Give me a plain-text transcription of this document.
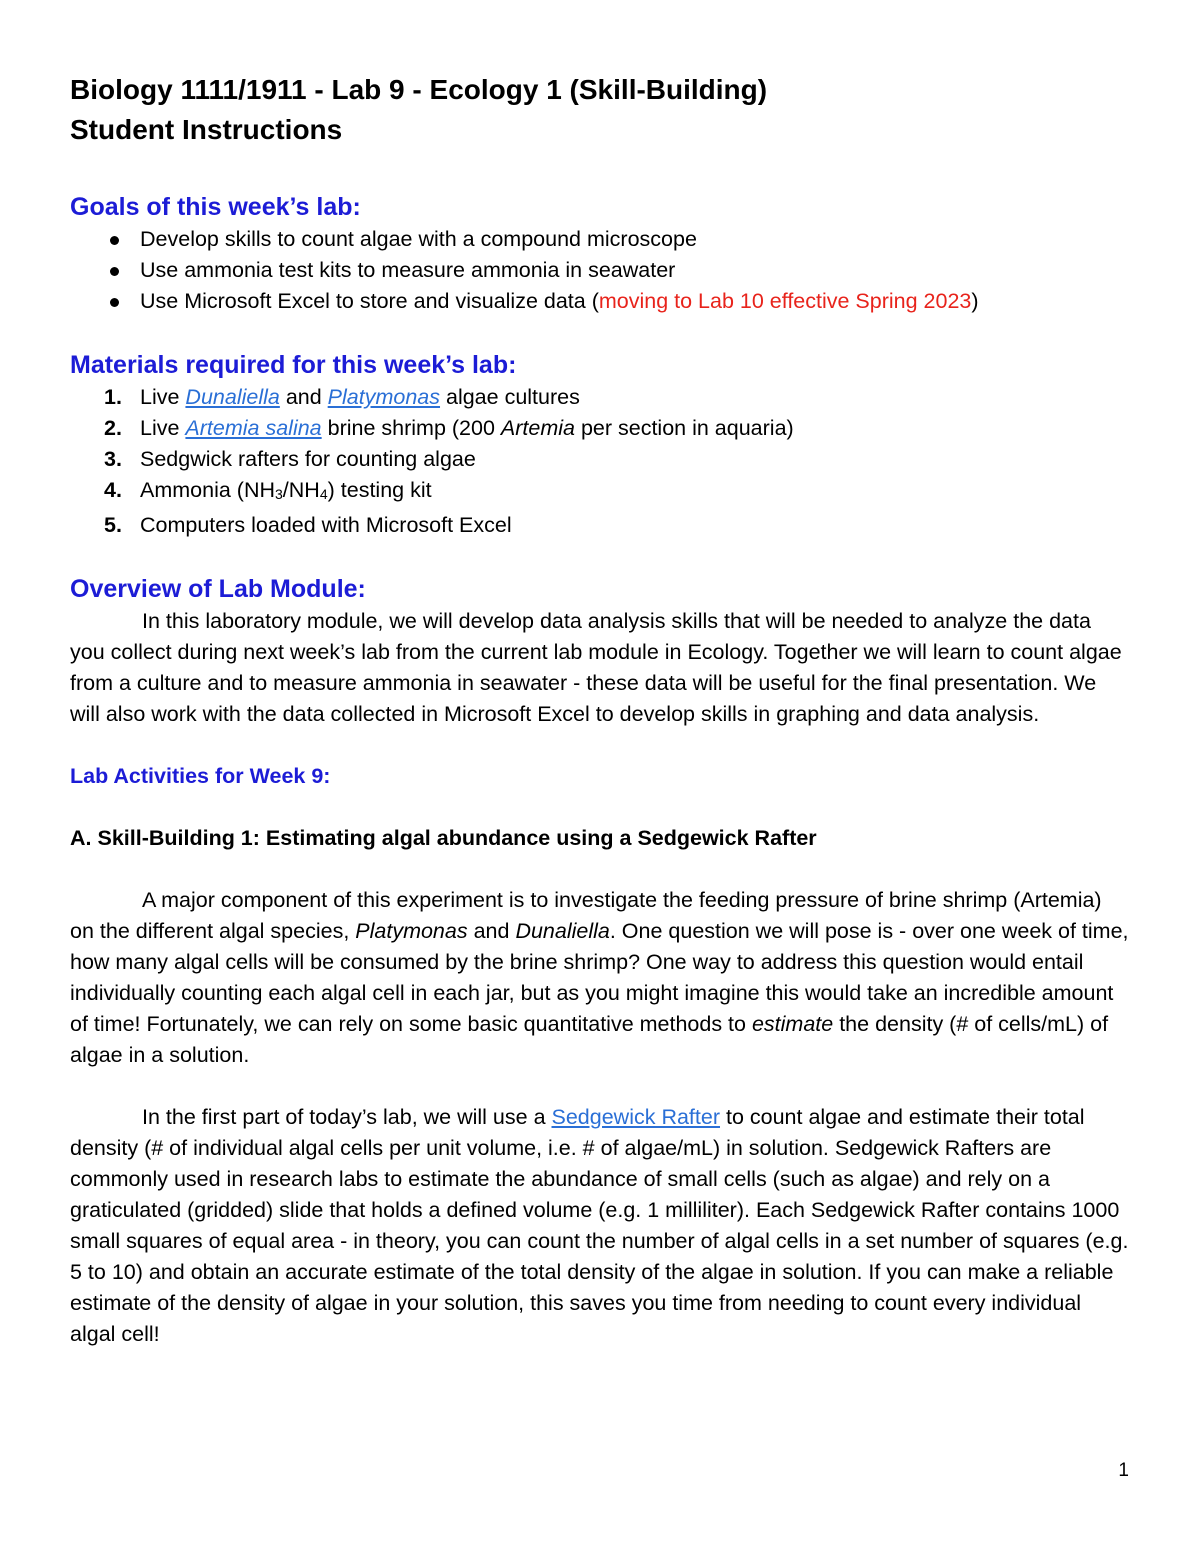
Biology 1111/1911 - Lab 9 - Ecology 1 (Skill-Building)
Student Instructions
Goals of this week’s lab:
Develop skills to count algae with a compound microscope
Use ammonia test kits to measure ammonia in seawater
Use Microsoft Excel to store and visualize data (moving to Lab 10 effective Spring 2023)
Materials required for this week’s lab:
1. Live Dunaliella and Platymonas algae cultures
2. Live Artemia salina brine shrimp (200 Artemia per section in aquaria)
3. Sedgwick rafters for counting algae
4. Ammonia (NH3/NH4) testing kit
5. Computers loaded with Microsoft Excel
Overview of Lab Module:

In this laboratory module, we will develop data analysis skills that will be needed to analyze the data you collect during next week’s lab from the current lab module in Ecology. Together we will learn to count algae from a culture and to measure ammonia in seawater - these data will be useful for the final presentation. We will also work with the data collected in Microsoft Excel to develop skills in graphing and data analysis.

Lab Activities for Week 9:
A. Skill-Building 1: Estimating algal abundance using a Sedgewick Rafter

A major component of this experiment is to investigate the feeding pressure of brine shrimp (Artemia) on the different algal species, Platymonas and Dunaliella. One question we will pose is - over one week of time, how many algal cells will be consumed by the brine shrimp? One way to address this question would entail individually counting each algal cell in each jar, but as you might imagine this would take an incredible amount of time! Fortunately, we can rely on some basic quantitative methods to estimate the density (# of cells/mL) of algae in a solution.

In the first part of today’s lab, we will use a Sedgewick Rafter to count algae and estimate their total density (# of individual algal cells per unit volume, i.e. # of algae/mL) in solution. Sedgewick Rafters are commonly used in research labs to estimate the abundance of small cells (such as algae) and rely on a graticulated (gridded) slide that holds a defined volume (e.g. 1 milliliter). Each Sedgewick Rafter contains 1000 small squares of equal area - in theory, you can count the number of algal cells in a set number of squares (e.g. 5 to 10) and obtain an accurate estimate of the total density of the algae in solution. If you can make a reliable estimate of the density of algae in your solution, this saves you time from needing to count every individual algal cell!

1
